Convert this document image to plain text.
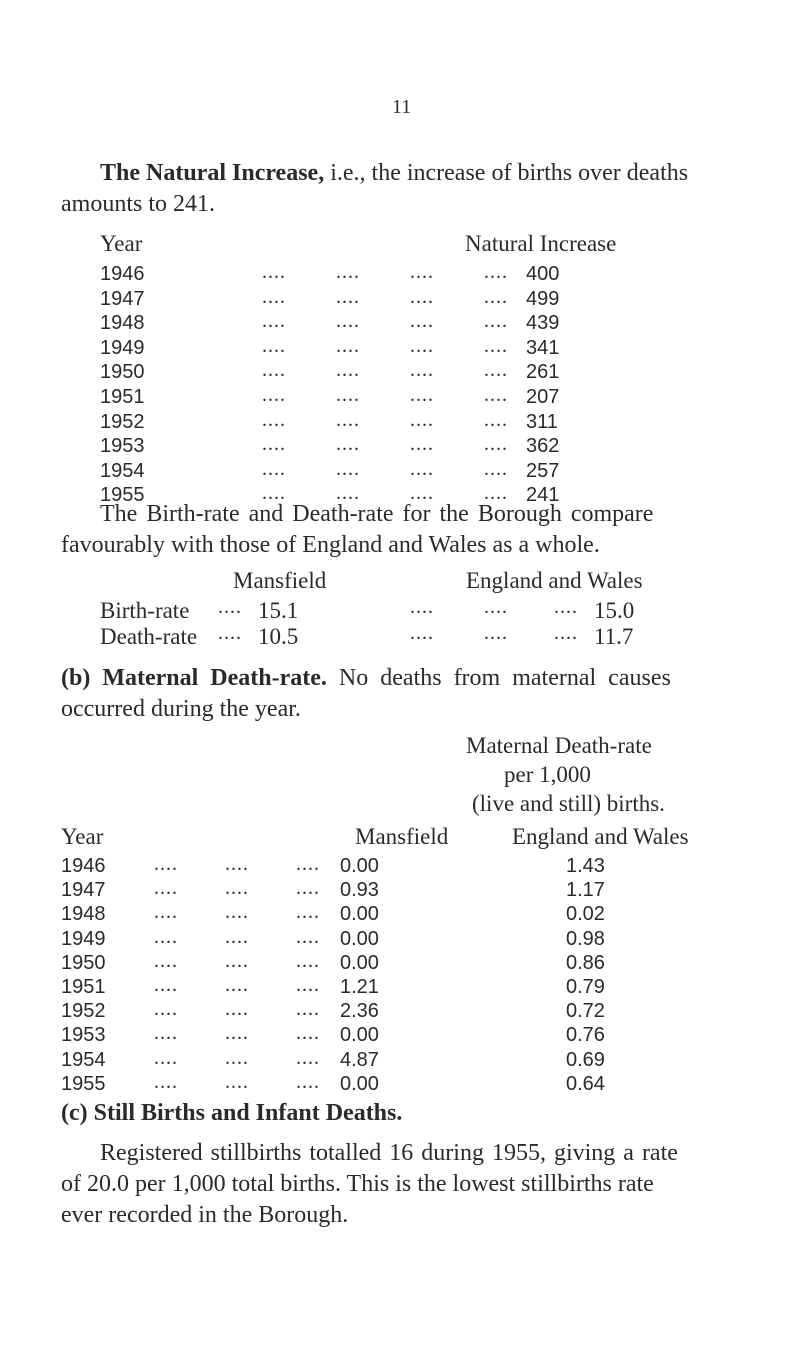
11
The Natural Increase, i.e., the increase of births over deaths
amounts to 241.
Year	Natural Increase
1946	....	....	....	.... 400
1947	....	....	....	.... 499
1948	....	....	....	.... 439
1949	....	....	....	.... 341
1950	....	....	....	.... 261
1951	....	....	....	.... 207
1952	....	....	....	.... 311
1953	....	....	....	.... 362
1954	....	....	....	.... 257
1955	....	....	....	.... 241
The Birth-rate and Death-rate for the Borough compare
favourably with those of England and Wales as a whole.
Mansfield	England and Wales
Birth-rate .... 15.1	....	.... .... 15.0
Death-rate .... 10.5	....	.... .... 11.7
(b) Maternal Death-rate. No deaths from maternal causes
occurred during the year.
Maternal Death-rate
per 1,000
(live and still) births.
Year	Mansfield	England and Wales
1946 .... .... .... 0.00	1.43
1947 .... .... .... 0.93	1.17
1948 .... .... .... 0.00	0.02
1949 .... .... .... 0.00	0.98
1950 .... .... .... 0.00	0.86
1951 .... .... .... 1.21	0.79
1952 .... .... .... 2.36	0.72
1953 .... .... .... 0.00	0.76
1954 .... .... .... 4.87	0.69
1955 .... .... .... 0.00	0.64
(c) Still Births and Infant Deaths.
Registered stillbirths totalled 16 during 1955, giving a rate
of 20.0 per 1,000 total births. This is the lowest stillbirths rate
ever recorded in the Borough.
